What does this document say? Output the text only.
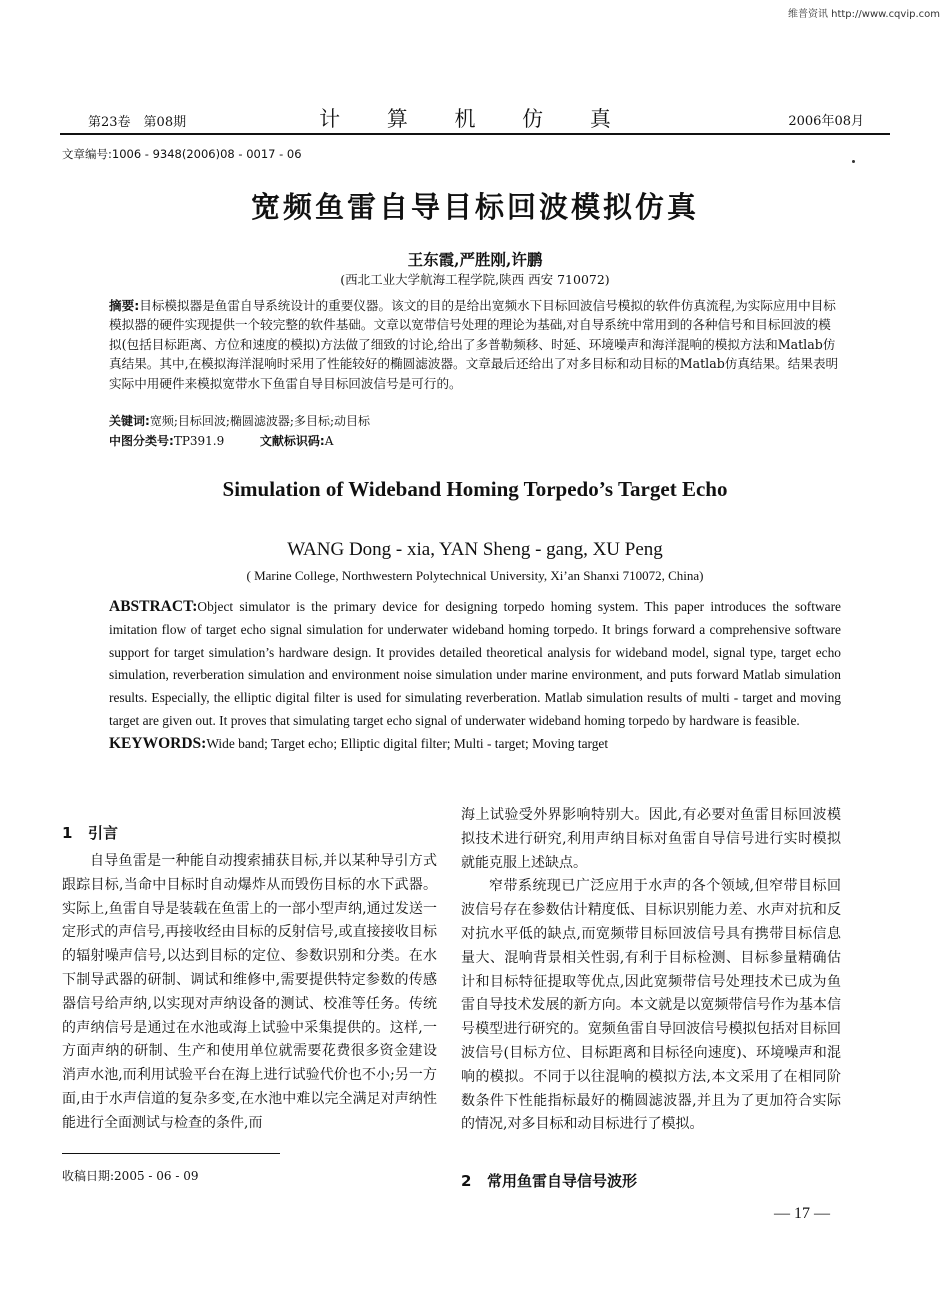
维普资讯 http://www.cqvip.com
第23卷　第08期	计 算 机 仿 真	2006年08月
文章编号:1006 - 9348(2006)08 - 0017 - 06
宽频鱼雷自导目标回波模拟仿真
王东霞,严胜刚,许鹏
(西北工业大学航海工程学院,陕西 西安 710072)
摘要:目标模拟器是鱼雷自导系统设计的重要仪器。该文的目的是给出宽频水下目标回波信号模拟的软件仿真流程,为实际应用中目标模拟器的硬件实现提供一个较完整的软件基础。文章以宽带信号处理的理论为基础,对自导系统中常用到的各种信号和目标回波的模拟(包括目标距离、方位和速度的模拟)方法做了细致的讨论,给出了多普勒频移、时延、环境噪声和海洋混响的模拟方法和Matlab仿真结果。其中,在模拟海洋混响时采用了性能较好的椭圆滤波器。文章最后还给出了对多目标和动目标的Matlab仿真结果。结果表明实际中用硬件来模拟宽带水下鱼雷自导目标回波信号是可行的。
关键词:宽频;目标回波;椭圆滤波器;多目标;动目标
中图分类号:TP391.9	文献标识码:A
Simulation of Wideband Homing Torpedo’s Target Echo
WANG Dong - xia, YAN Sheng - gang, XU Peng
( Marine College, Northwestern Polytechnical University, Xi’an Shanxi 710072, China)
ABSTRACT:Object simulator is the primary device for designing torpedo homing system. This paper introduces the software imitation flow of target echo signal simulation for underwater wideband homing torpedo. It brings forward a comprehensive software support for target simulation’s hardware design. It provides detailed theoretical analysis for wideband model, signal type, target echo simulation, reverberation simulation and environment noise simulation under marine environment, and puts forward Matlab simulation results. Especially, the elliptic digital filter is used for simulating reverberation. Matlab simulation results of multi - target and moving target are given out. It proves that simulating target echo signal of underwater wideband homing torpedo by hardware is feasible.
KEYWORDS:Wide band; Target echo; Elliptic digital filter; Multi - target; Moving target
1 引言

自导鱼雷是一种能自动搜索捕获目标,并以某种导引方式跟踪目标,当命中目标时自动爆炸从而毁伤目标的水下武器。实际上,鱼雷自导是装载在鱼雷上的一部小型声纳,通过发送一定形式的声信号,再接收经由目标的反射信号,或直接接收目标的辐射噪声信号,以达到目标的定位、参数识别和分类。在水下制导武器的研制、调试和维修中,需要提供特定参数的传感器信号给声纳,以实现对声纳设备的测试、校准等任务。传统的声纳信号是通过在水池或海上试验中采集提供的。这样,一方面声纳的研制、生产和使用单位就需要花费很多资金建设消声水池,而利用试验平台在海上进行试验代价也不小;另一方面,由于水声信道的复杂多变,在水池中难以完全满足对声纳性能进行全面测试与检查的条件,而

收稿日期:2005 - 06 - 09

海上试验受外界影响特别大。因此,有必要对鱼雷目标回波模拟技术进行研究,利用声纳目标对鱼雷自导信号进行实时模拟就能克服上述缺点。

窄带系统现已广泛应用于水声的各个领域,但窄带目标回波信号存在参数估计精度低、目标识别能力差、水声对抗和反对抗水平低的缺点,而宽频带目标回波信号具有携带目标信息量大、混响背景相关性弱,有利于目标检测、目标参量精确估计和目标特征提取等优点,因此宽频带信号处理技术已成为鱼雷自导技术发展的新方向。本文就是以宽频带信号作为基本信号模型进行研究的。宽频鱼雷自导回波信号模拟包括对目标回波信号(目标方位、目标距离和目标径向速度)、环境噪声和混响的模拟。不同于以往混响的模拟方法,本文采用了在相同阶数条件下性能指标最好的椭圆滤波器,并且为了更加符合实际的情况,对多目标和动目标进行了模拟。

2 常用鱼雷自导信号波形
— 17 —
